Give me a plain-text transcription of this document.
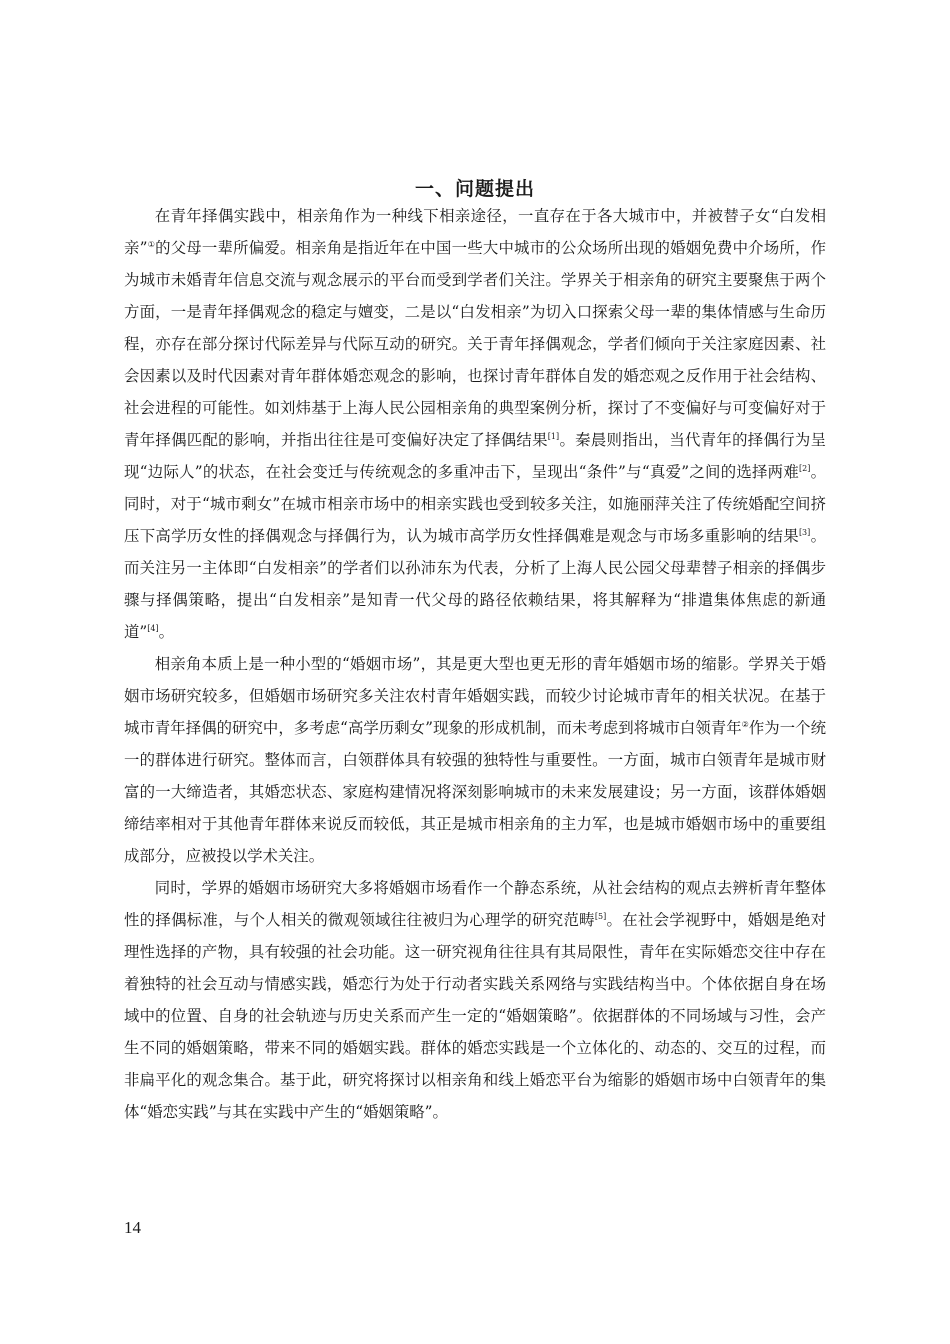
一、问题提出

在青年择偶实践中，相亲角作为一种线下相亲途径，一直存在于各大城市中，并被替子女“白发相亲”①的父母一辈所偏爱。相亲角是指近年在中国一些大中城市的公众场所出现的婚姻免费中介场所，作为城市未婚青年信息交流与观念展示的平台而受到学者们关注。学界关于相亲角的研究主要聚焦于两个方面，一是青年择偶观念的稳定与嬗变，二是以“白发相亲”为切入口探索父母一辈的集体情感与生命历程，亦存在部分探讨代际差异与代际互动的研究。关于青年择偶观念，学者们倾向于关注家庭因素、社会因素以及时代因素对青年群体婚恋观念的影响，也探讨青年群体自发的婚恋观之反作用于社会结构、社会进程的可能性。如刘炜基于上海人民公园相亲角的典型案例分析，探讨了不变偏好与可变偏好对于青年择偶匹配的影响，并指出往往是可变偏好决定了择偶结果[1]。秦晨则指出，当代青年的择偶行为呈现“边际人”的状态，在社会变迁与传统观念的多重冲击下，呈现出“条件”与“真爱”之间的选择两难[2]。同时，对于“城市剩女”在城市相亲市场中的相亲实践也受到较多关注，如施丽萍关注了传统婚配空间挤压下高学历女性的择偶观念与择偶行为，认为城市高学历女性择偶难是观念与市场多重影响的结果[3]。而关注另一主体即“白发相亲”的学者们以孙沛东为代表，分析了上海人民公园父母辈替子相亲的择偶步骤与择偶策略，提出“白发相亲”是知青一代父母的路径依赖结果，将其解释为“排遣集体焦虑的新通道”[4]。

相亲角本质上是一种小型的“婚姻市场”，其是更大型也更无形的青年婚姻市场的缩影。学界关于婚姻市场研究较多，但婚姻市场研究多关注农村青年婚姻实践，而较少讨论城市青年的相关状况。在基于城市青年择偶的研究中，多考虑“高学历剩女”现象的形成机制，而未考虑到将城市白领青年②作为一个统一的群体进行研究。整体而言，白领群体具有较强的独特性与重要性。一方面，城市白领青年是城市财富的一大缔造者，其婚恋状态、家庭构建情况将深刻影响城市的未来发展建设；另一方面，该群体婚姻缔结率相对于其他青年群体来说反而较低，其正是城市相亲角的主力军，也是城市婚姻市场中的重要组成部分，应被投以学术关注。

同时，学界的婚姻市场研究大多将婚姻市场看作一个静态系统，从社会结构的观点去辨析青年整体性的择偶标准，与个人相关的微观领域往往被归为心理学的研究范畴[5]。在社会学视野中，婚姻是绝对理性选择的产物，具有较强的社会功能。这一研究视角往往具有其局限性，青年在实际婚恋交往中存在着独特的社会互动与情感实践，婚恋行为处于行动者实践关系网络与实践结构当中。个体依据自身在场域中的位置、自身的社会轨迹与历史关系而产生一定的“婚姻策略”。依据群体的不同场域与习性，会产生不同的婚姻策略，带来不同的婚姻实践。群体的婚恋实践是一个立体化的、动态的、交互的过程，而非扁平化的观念集合。基于此，研究将探讨以相亲角和线上婚恋平台为缩影的婚姻市场中白领青年的集体“婚恋实践”与其在实践中产生的“婚姻策略”。

14
